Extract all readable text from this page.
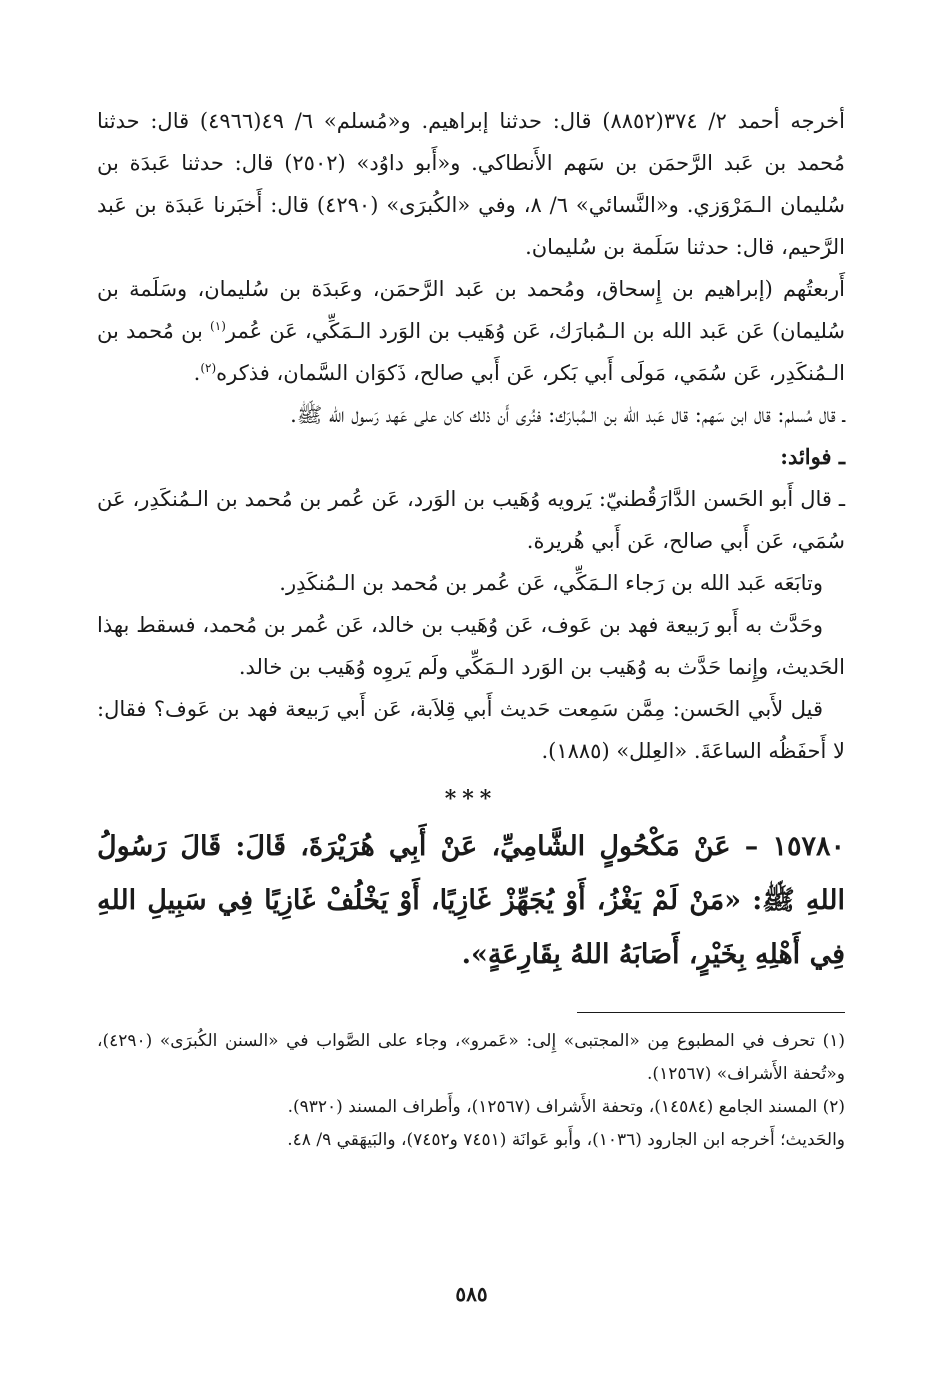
أخرجه أحمد ٢/ ٣٧٤(٨٨٥٢) قال: حدثنا إبراهيم. و«مُسلم» ٦/ ٤٩(٤٩٦٦) قال: حدثنا مُحمد بن عَبد الرَّحمَن بن سَهم الأَنطاكي. و«أَبو داوُد» (٢٥٠٢) قال: حدثنا عَبدَة بن سُليمان الـمَرْوَزي. و«النَّسائي» ٦/ ٨، وفي «الكُبرَى» (٤٢٩٠) قال: أَخبَرنا عَبدَة بن عَبد الرَّحيم، قال: حدثنا سَلَمة بن سُليمان.

أَربعتُهم (إبراهيم بن إِسحاق، ومُحمد بن عَبد الرَّحمَن، وعَبدَة بن سُليمان، وسَلَمة بن سُليمان) عَن عَبد الله بن الـمُبارَك، عَن وُهَيب بن الوَرد الـمَكِّي، عَن عُمر$^{(١)}$ بن مُحمد بن الـمُنكَدِر، عَن سُمَي، مَولَى أَبي بَكر، عَن أَبي صالح، ذَكوَان السَّمان، فذكره$^{(٢)}$.

ـ قال مُسلم: قال ابن سَهم: قال عَبد الله بن الـمُبارَك: فنُرى أَن ذلك كان على عَهد رَسول الله ﷺ.

ـ فوائد:

ـ قال أَبو الحَسن الدَّارَقُطنيّ: يَرويه وُهَيب بن الوَرد، عَن عُمر بن مُحمد بن الـمُنكَدِر، عَن سُمَي، عَن أَبي صالح، عَن أَبي هُريرة.

وتابَعَه عَبد الله بن رَجاء الـمَكِّي، عَن عُمر بن مُحمد بن الـمُنكَدِر.

وحَدَّث به أَبو رَبيعة فهد بن عَوف، عَن وُهَيب بن خالد، عَن عُمر بن مُحمد، فسقط بهذا الحَديث، وإِنما حَدَّث به وُهَيب بن الوَرد الـمَكِّي ولَم يَروِه وُهَيب بن خالد.

قيل لأَبي الحَسن: مِمَّن سَمِعت حَديث أَبي قِلاَبة، عَن أَبي رَبيعة فهد بن عَوف؟ فقال: لا أَحفَظُه الساعَةَ. «العِلل» (١٨٨٥).

***

١٥٧٨٠ – عَنْ مَكْحُولٍ الشَّامِيِّ، عَنْ أَبِي هُرَيْرَةَ، قَالَ: قَالَ رَسُولُ اللهِ ﷺ: «مَنْ لَمْ يَغْزُ، أَوْ يُجَهِّزْ غَازِيًا، أَوْ يَخْلُفْ غَازِيًا فِي سَبِيلِ اللهِ فِي أَهْلِهِ بِخَيْرٍ، أَصَابَهُ اللهُ بِقَارِعَةٍ».

(١) تحرف في المطبوع مِن «المجتبى» إِلى: «عَمرو»، وجاء على الصَّواب في «السنن الكُبرَى» (٤٢٩٠)، و«تُحفة الأَشراف» (١٢٥٦٧).

(٢) المسند الجامع (١٤٥٨٤)، وتحفة الأَشراف (١٢٥٦٧)، وأَطراف المسند (٩٣٢٠).

والحَديث؛ أَخرجه ابن الجارود (١٠٣٦)، وأَبو عَوانَة (٧٤٥١ و٧٤٥٢)، والبَيهَقي ٩/ ٤٨.

٥٨٥
